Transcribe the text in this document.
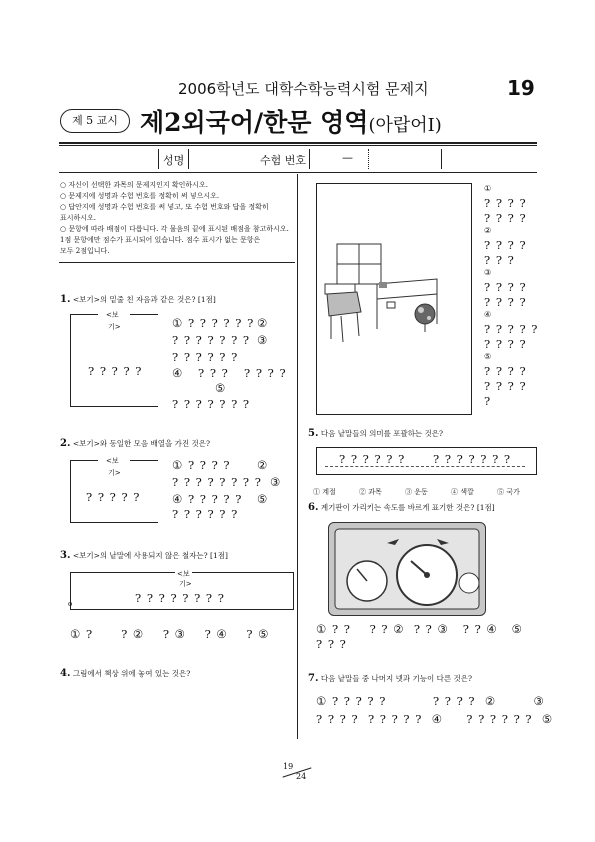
2006학년도 대학수학능력시험 문제지	19
제 5 교시 제2외국어/한문 영역(아랍어Ⅰ)
성명	수험 번호	—
○ 자신이 선택한 과목의 문제지인지 확인하시오.
○ 문제지에 성명과 수험 번호를 정확히 써 넣으시오.
○ 답안지에 성명과 수험 번호를 써 넣고, 또 수험 번호와 답을 정확히
표시하시오.
○ 문항에 따라 배점이 다릅니다. 각 물음의 끝에 표시된 배점을 참고하시오.
1점 문항에만 점수가 표시되어 있습니다. 점수 표시가 없는 문항은
모두 2점입니다.
1. <보기>의 밑줄 친 자음과 같은 것은? [1점]
<보
기>
? ? ? ? ?
① ? ? ? ? ? ? ②
? ? ? ? ? ? ? ③
? ? ? ? ? ?
④ ? ? ? ? ? ? ?
⑤
? ? ? ? ? ? ?
2. <보기>와 동일한 모음 배열을 가진 것은?
<보
기>
? ? ? ? ?
① ? ? ? ? ②
? ? ? ? ? ? ? ? ③
④ ? ? ? ? ? ⑤
? ? ? ? ? ?
3. <보기>의 낱말에 사용되지 않은 철자는? [1점]
<보
기>
? ? ? ? ? ? ? ?
o
① ?      ? ②    ? ③    ? ④    ? ⑤
4. 그림에서 책상 위에 놓여 있는 것은?
①
? ? ? ?
? ? ? ?
②
? ? ? ?
? ? ?
③
? ? ? ?
? ? ? ?
④
? ? ? ? ?
? ? ? ?
⑤
? ? ? ?
? ? ? ?
?
5. 다음 낱말들의 의미를 포괄하는 것은?
? ? ? ? ? ? ? ? ? ? ? ? ?
① 계절	② 과목	③ 운동	④ 색깔	⑤ 국가
6. 계기판이 가리키는 속도를 바르게 표기한 것은? [1점]
① ? ?    ? ? ②  ? ? ③   ? ? ④   ⑤
? ? ?
7. 다음 낱말들 중 나머지 넷과 기능이 다른 것은?
① ? ? ? ? ?          ? ? ? ?  ②        ③
? ? ? ?  ? ? ? ? ?  ④     ? ? ? ? ? ?  ⑤
19
24
